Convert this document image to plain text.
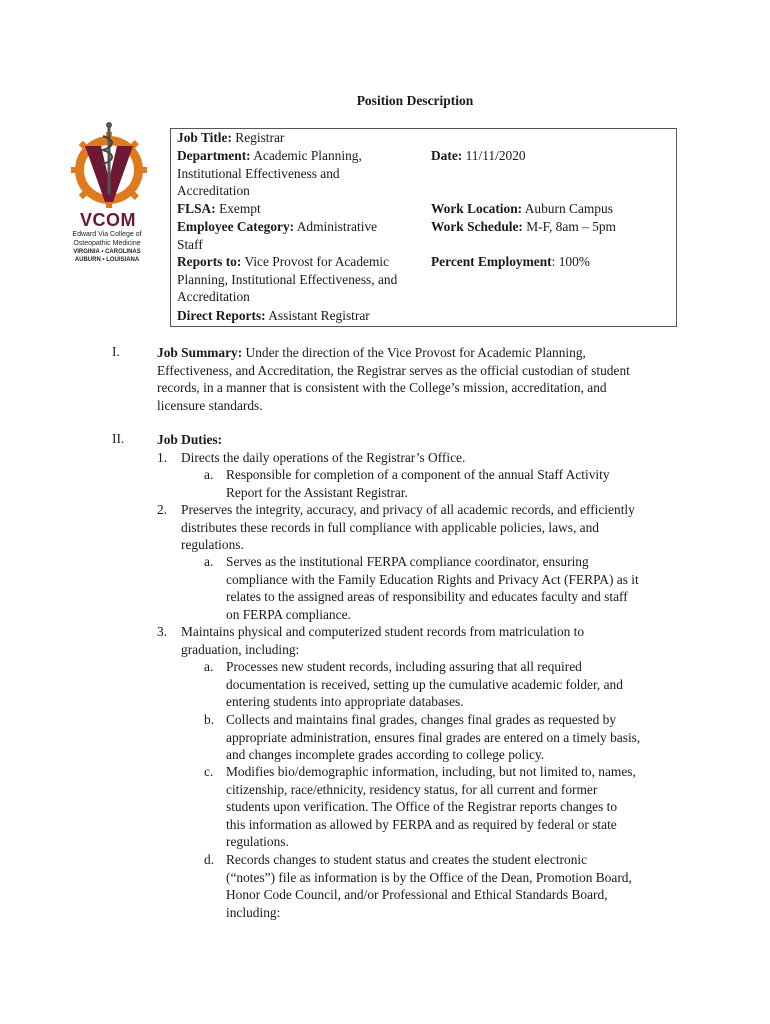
Position Description
VCOM
Edward Via College of Osteopathic Medicine
VIRGINIA • CAROLINAS AUBURN • LOUISIANA
Job Title: Registrar
Department: Academic Planning,
Institutional Effectiveness and
Accreditation
Date: 11/11/2020
FLSA: Exempt	Work Location: Auburn Campus
Employee Category: Administrative
Staff
Work Schedule: M-F, 8am – 5pm
Reports to: Vice Provost for Academic
Planning, Institutional Effectiveness, and
Accreditation
Percent Employment: 100%
Direct Reports: Assistant Registrar
I.	Job Summary: Under the direction of the Vice Provost for Academic Planning,
Effectiveness, and Accreditation, the Registrar serves as the official custodian of student
records, in a manner that is consistent with the College’s mission, accreditation, and
licensure standards.
II. Job Duties:
1. Directs the daily operations of the Registrar’s Office.
a. Responsible for completion of a component of the annual Staff Activity
Report for the Assistant Registrar.
2. Preserves the integrity, accuracy, and privacy of all academic records, and efficiently
distributes these records in full compliance with applicable policies, laws, and
regulations.
a. Serves as the institutional FERPA compliance coordinator, ensuring
compliance with the Family Education Rights and Privacy Act (FERPA) as it
relates to the assigned areas of responsibility and educates faculty and staff
on FERPA compliance.
3. Maintains physical and computerized student records from matriculation to
graduation, including:
a. Processes new student records, including assuring that all required
documentation is received, setting up the cumulative academic folder, and
entering students into appropriate databases.
b. Collects and maintains final grades, changes final grades as requested by
appropriate administration, ensures final grades are entered on a timely basis,
and changes incomplete grades according to college policy.
c. Modifies bio/demographic information, including, but not limited to, names,
citizenship, race/ethnicity, residency status, for all current and former
students upon verification. The Office of the Registrar reports changes to
this information as allowed by FERPA and as required by federal or state
regulations.
d. Records changes to student status and creates the student electronic
(“notes”) file as information is by the Office of the Dean, Promotion Board,
Honor Code Council, and/or Professional and Ethical Standards Board,
including:
